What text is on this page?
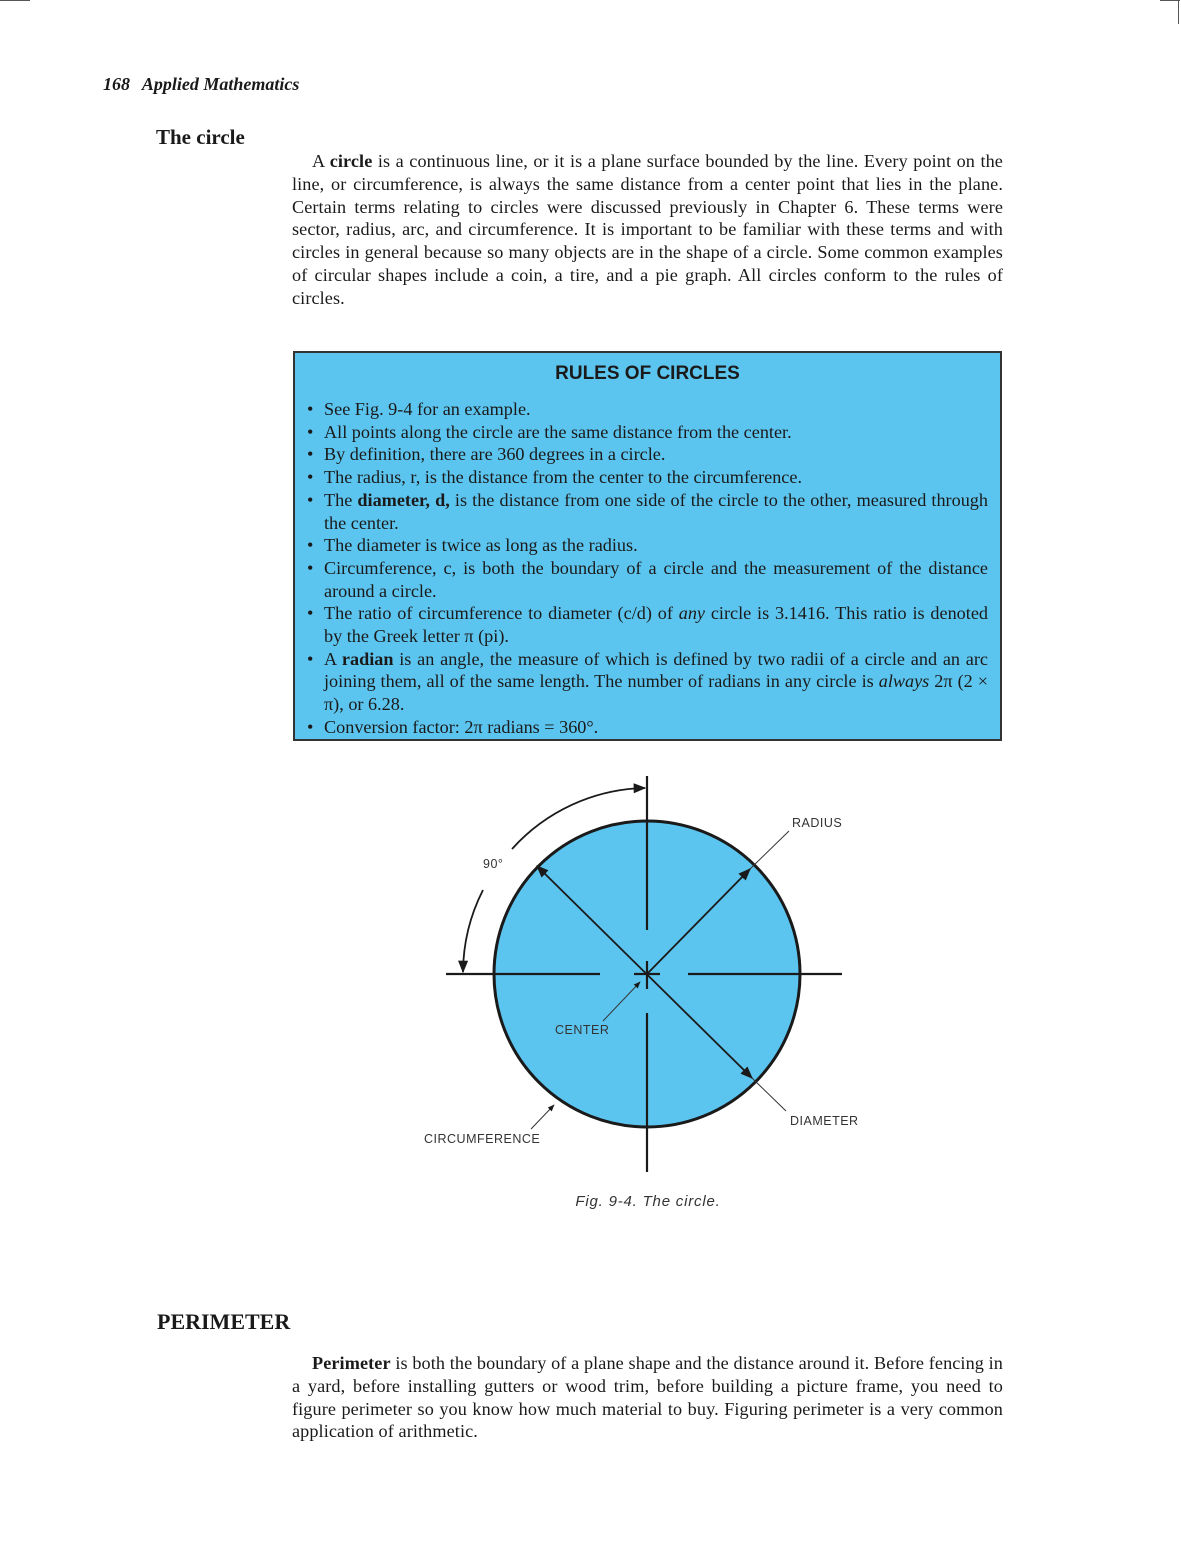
168 Applied Mathematics
The circle

A circle is a continuous line, or it is a plane surface bounded by the line. Every point on the line, or circumference, is always the same distance from a center point that lies in the plane. Certain terms relating to circles were discussed previously in Chapter 6. These terms were sector, radius, arc, and circumference. It is important to be familiar with these terms and with circles in general because so many objects are in the shape of a circle. Some common examples of circular shapes include a coin, a tire, and a pie graph. All circles conform to the rules of circles.

RULES OF CIRCLES
• See Fig. 9-4 for an example.
• All points along the circle are the same distance from the center.
• By definition, there are 360 degrees in a circle.
• The radius, r, is the distance from the center to the circumference.
• The diameter, d, is the distance from one side of the circle to the other, measured through the center.
• The diameter is twice as long as the radius.
• Circumference, c, is both the boundary of a circle and the measurement of the distance around a circle.
• The ratio of circumference to diameter (c/d) of any circle is 3.1416. This ratio is denoted by the Greek letter π (pi).
• A radian is an angle, the measure of which is defined by two radii of a circle and an arc joining them, all of the same length. The number of radians in any circle is always 2π (2 × π), or 6.28.
• Conversion factor: 2π radians = 360°.
90°
RADIUS
CENTER
DIAMETER
CIRCUMFERENCE
Fig. 9-4. The circle.
PERIMETER

Perimeter is both the boundary of a plane shape and the distance around it. Before fencing in a yard, before installing gutters or wood trim, before building a picture frame, you need to figure perimeter so you know how much material to buy. Figuring perimeter is a very common application of arithmetic.
